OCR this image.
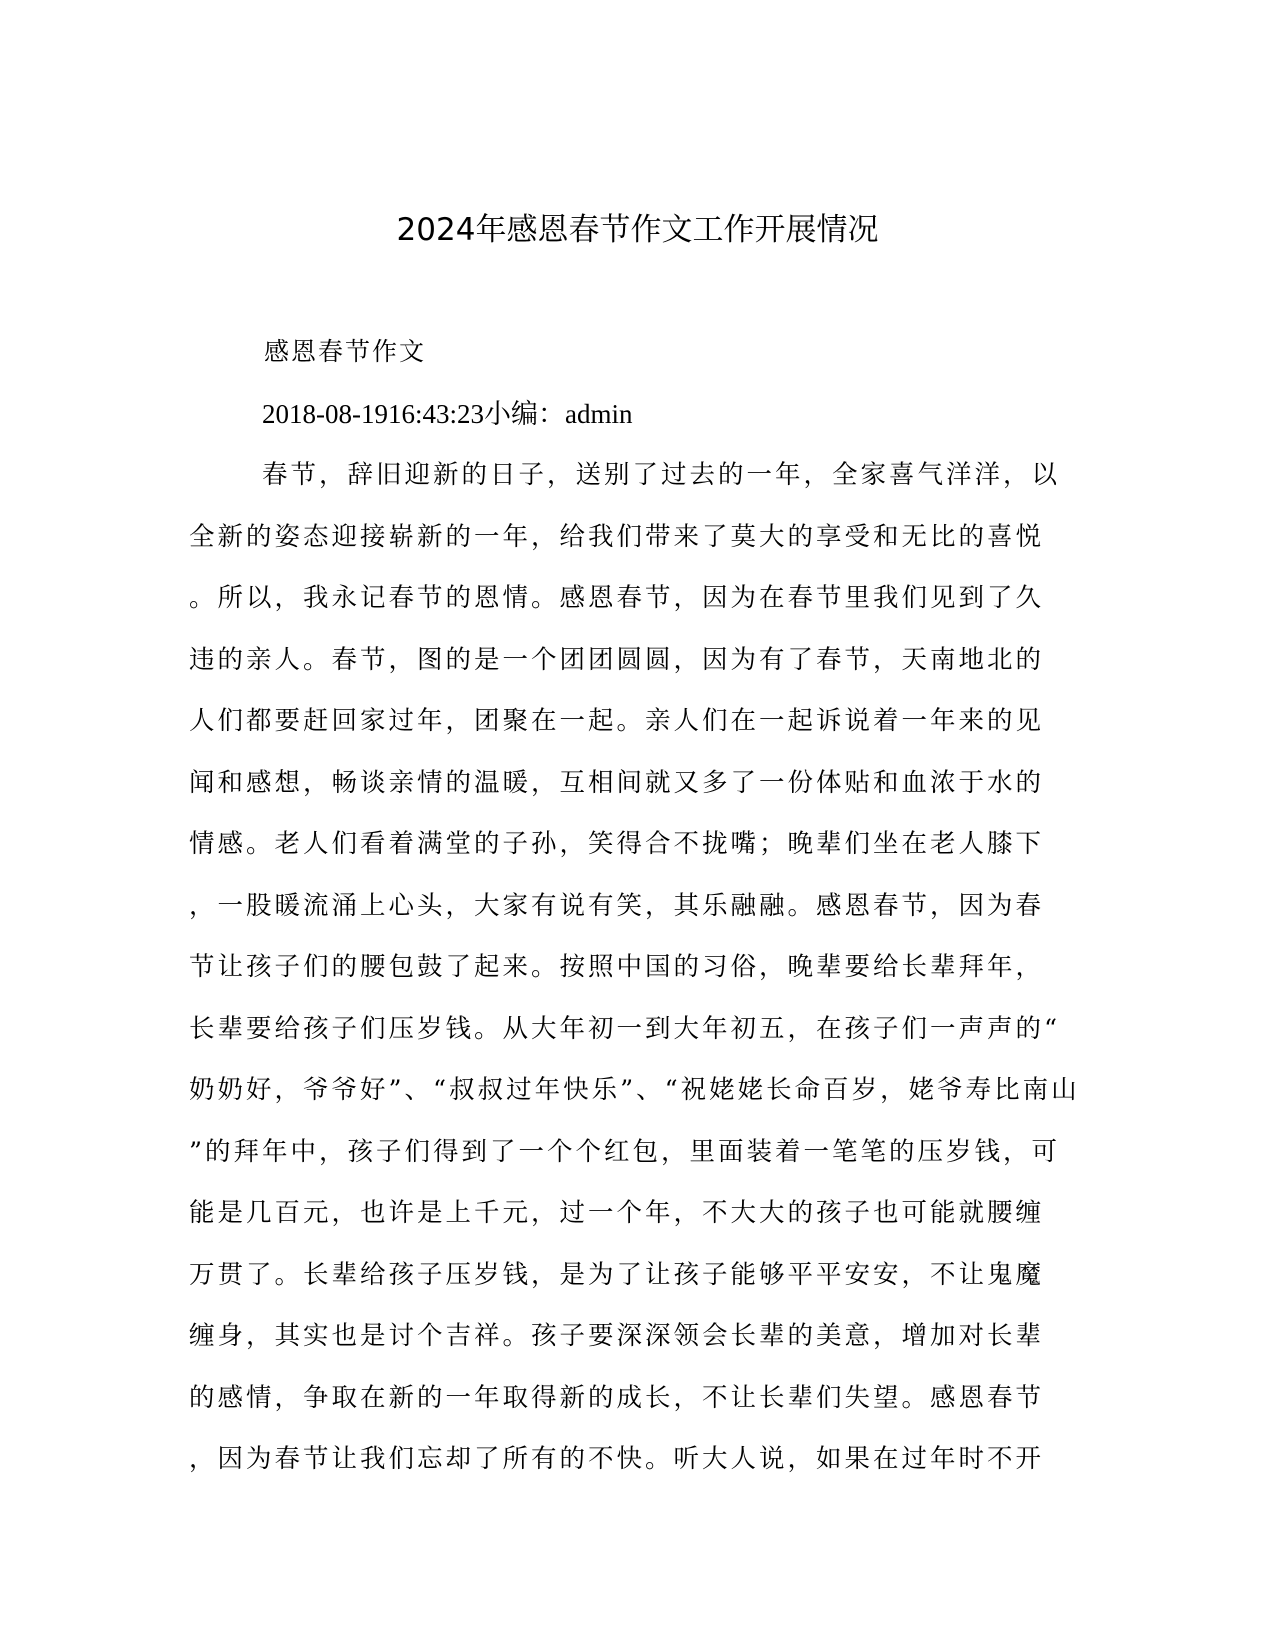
2024年感恩春节作文工作开展情况

感恩春节作文

2018-08-1916:43:23小编：admin

春节，辞旧迎新的日子，送别了过去的一年，全家喜气洋洋，以
全新的姿态迎接崭新的一年，给我们带来了莫大的享受和无比的喜悦
。所以，我永记春节的恩情。感恩春节，因为在春节里我们见到了久
违的亲人。春节，图的是一个团团圆圆，因为有了春节，天南地北的
人们都要赶回家过年，团聚在一起。亲人们在一起诉说着一年来的见
闻和感想，畅谈亲情的温暖，互相间就又多了一份体贴和血浓于水的
情感。老人们看着满堂的子孙，笑得合不拢嘴；晚辈们坐在老人膝下
，一股暖流涌上心头，大家有说有笑，其乐融融。感恩春节，因为春
节让孩子们的腰包鼓了起来。按照中国的习俗，晚辈要给长辈拜年，
长辈要给孩子们压岁钱。从大年初一到大年初五，在孩子们一声声的“
奶奶好，爷爷好”、“叔叔过年快乐”、“祝姥姥长命百岁，姥爷寿比南山
”的拜年中，孩子们得到了一个个红包，里面装着一笔笔的压岁钱，可
能是几百元，也许是上千元，过一个年，不大大的孩子也可能就腰缠
万贯了。长辈给孩子压岁钱，是为了让孩子能够平平安安，不让鬼魔
缠身，其实也是讨个吉祥。孩子要深深领会长辈的美意，增加对长辈
的感情，争取在新的一年取得新的成长，不让长辈们失望。感恩春节
，因为春节让我们忘却了所有的不快。听大人说，如果在过年时不开
